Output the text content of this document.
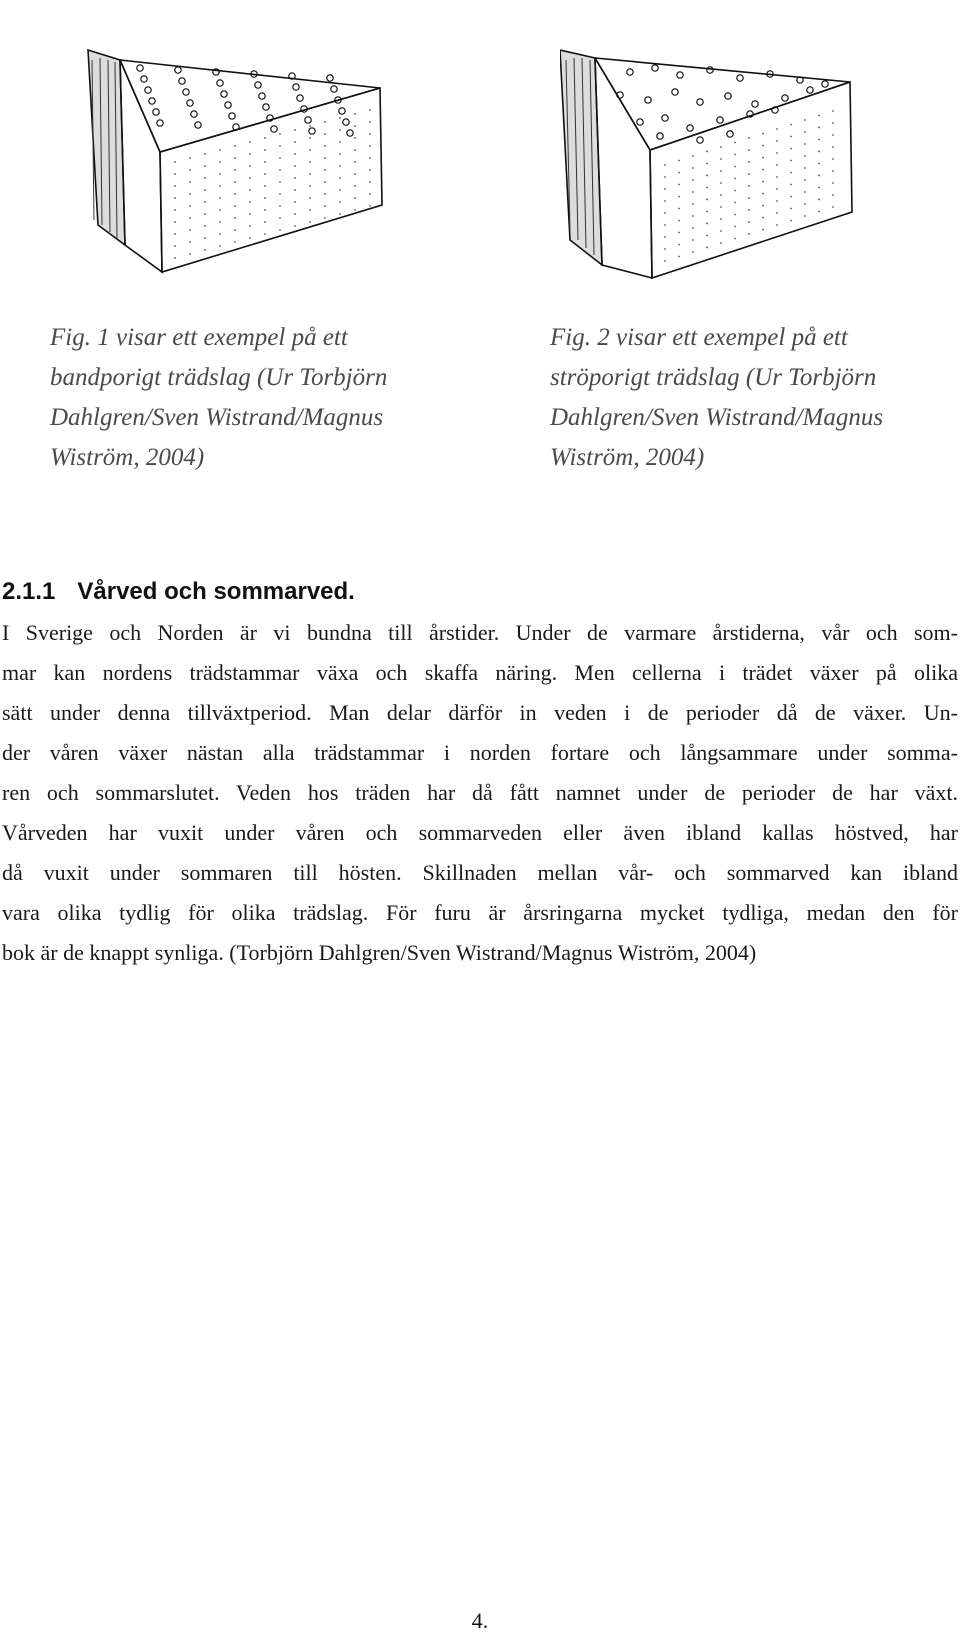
Fig. 1 visar ett exempel på ett
bandporigt trädslag (Ur Torbjörn
Dahlgren/Sven Wistrand/Magnus
Wiström, 2004)
Fig. 2 visar ett exempel på ett
ströporigt trädslag (Ur Torbjörn
Dahlgren/Sven Wistrand/Magnus
Wiström, 2004)
2.1.1 Vårved och sommarved.
I Sverige och Norden är vi bundna till årstider. Under de varmare årstiderna, vår och som-
mar kan nordens trädstammar växa och skaffa näring. Men cellerna i trädet växer på olika
sätt under denna tillväxtperiod. Man delar därför in veden i de perioder då de växer. Un-
der våren växer nästan alla trädstammar i norden fortare och långsammare under somma-
ren och sommarslutet. Veden hos träden har då fått namnet under de perioder de har växt.
Vårveden har vuxit under våren och sommarveden eller även ibland kallas höstved, har
då vuxit under sommaren till hösten. Skillnaden mellan vår- och sommarved kan ibland
vara olika tydlig för olika trädslag. För furu är årsringarna mycket tydliga, medan den för
bok är de knappt synliga. (Torbjörn Dahlgren/Sven Wistrand/Magnus Wiström, 2004)
4.
